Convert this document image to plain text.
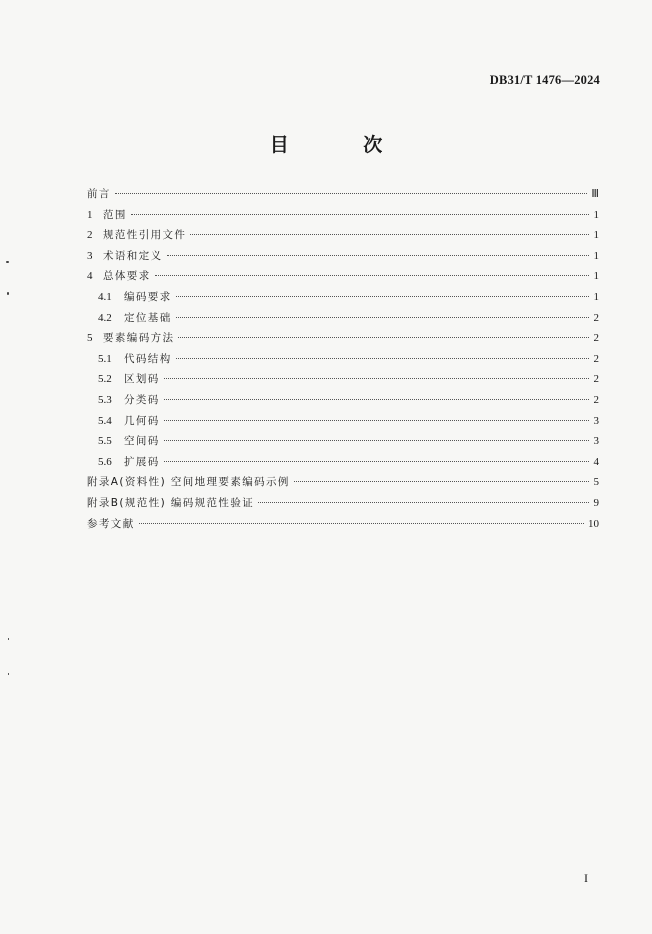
DB31/T 1476—2024
目 次
前言	Ⅲ
1	范围	1
2	规范性引用文件	1
3	术语和定义	1
4	总体要求	1
4.1	编码要求	1
4.2	定位基础	2
5	要素编码方法	2
5.1	代码结构	2
5.2	区划码	2
5.3	分类码	2
5.4	几何码	3
5.5	空间码	3
5.6	扩展码	4
附录A(资料性) 空间地理要素编码示例	5
附录B(规范性) 编码规范性验证	9
参考文献	10
I
